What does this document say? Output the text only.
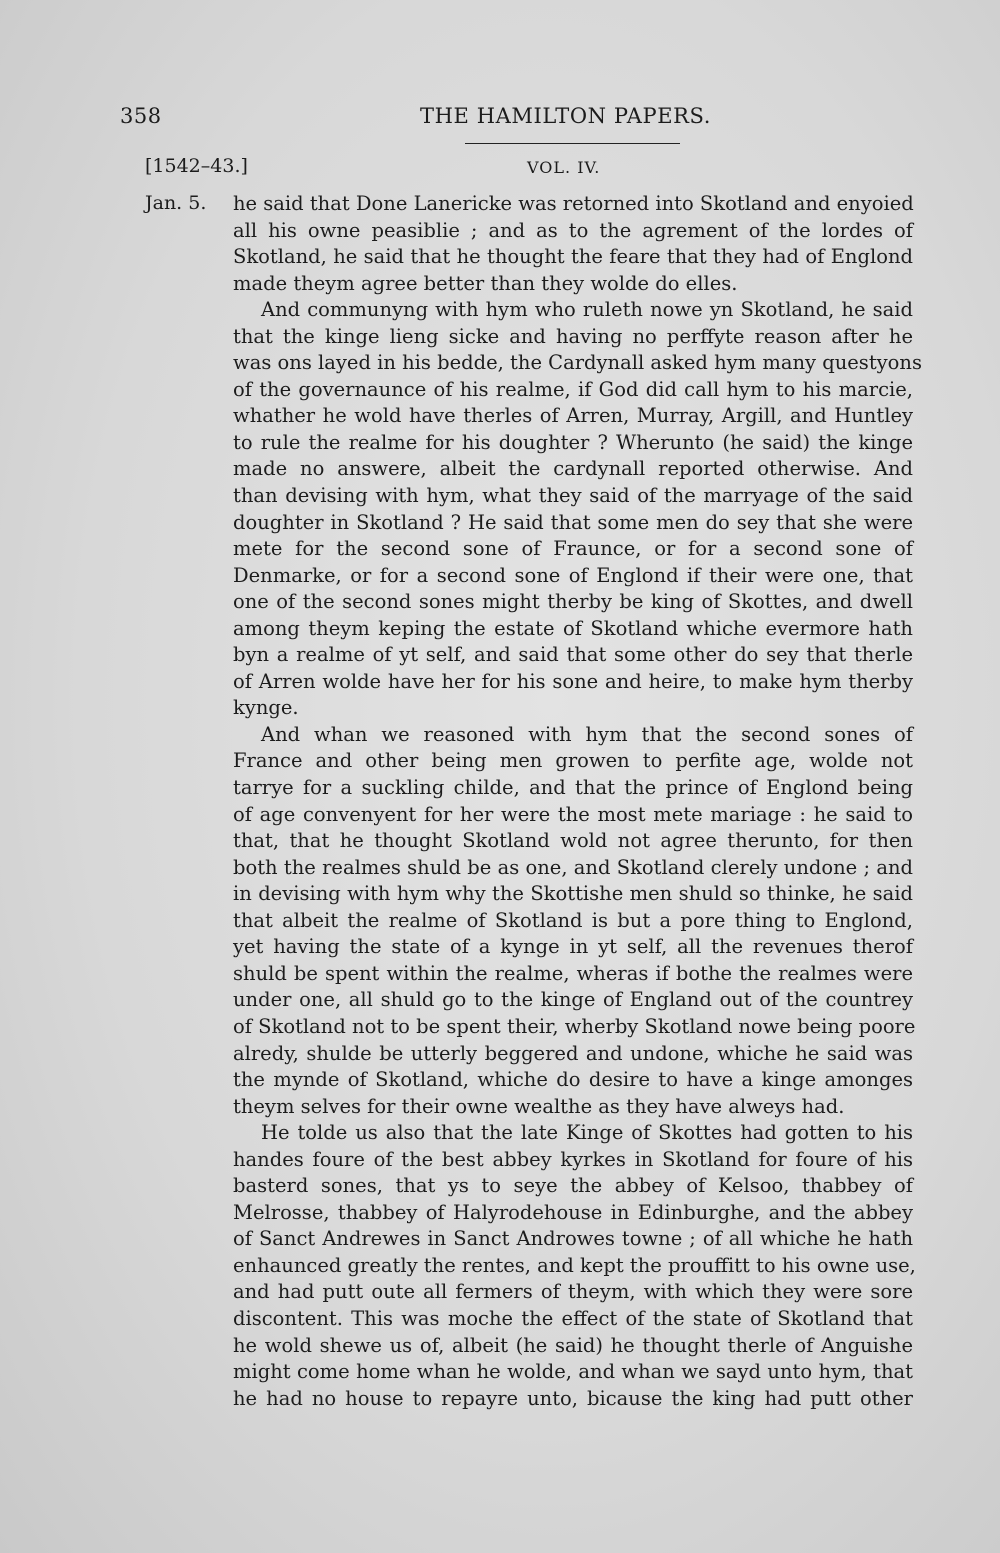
358	THE HAMILTON PAPERS.
[1542–43.]	VOL. IV.
Jan. 5. he said that Done Lanericke was retorned into Skotland and enyoied
all his owne peasiblie ; and as to the agrement of the lordes of
Skotland, he said that he thought the feare that they had of Englond
made theym agree better than they wolde do elles.
And communyng with hym who ruleth nowe yn Skotland, he said
that the kinge lieng sicke and having no perffyte reason after he
was ons layed in his bedde, the Cardynall asked hym many questyons
of the governaunce of his realme, if God did call hym to his marcie,
whather he wold have therles of Arren, Murray, Argill, and Huntley
to rule the realme for his doughter ? Wherunto (he said) the kinge
made no answere, albeit the cardynall reported otherwise. And
than devising with hym, what they said of the marryage of the said
doughter in Skotland ? He said that some men do sey that she were
mete for the second sone of Fraunce, or for a second sone of
Denmarke, or for a second sone of Englond if their were one, that
one of the second sones might therby be king of Skottes, and dwell
among theym keping the estate of Skotland whiche evermore hath
byn a realme of yt self, and said that some other do sey that therle
of Arren wolde have her for his sone and heire, to make hym therby
kynge.
And whan we reasoned with hym that the second sones of
France and other being men growen to perfite age, wolde not
tarrye for a suckling childe, and that the prince of Englond being
of age convenyent for her were the most mete mariage : he said to
that, that he thought Skotland wold not agree therunto, for then
both the realmes shuld be as one, and Skotland clerely undone ; and
in devising with hym why the Skottishe men shuld so thinke, he said
that albeit the realme of Skotland is but a pore thing to Englond,
yet having the state of a kynge in yt self, all the revenues therof
shuld be spent within the realme, wheras if bothe the realmes were
under one, all shuld go to the kinge of England out of the countrey
of Skotland not to be spent their, wherby Skotland nowe being poore
alredy, shulde be utterly beggered and undone, whiche he said was
the mynde of Skotland, whiche do desire to have a kinge amonges
theym selves for their owne wealthe as they have alweys had.
He tolde us also that the late Kinge of Skottes had gotten to his
handes foure of the best abbey kyrkes in Skotland for foure of his
basterd sones, that ys to seye the abbey of Kelsoo, thabbey of
Melrosse, thabbey of Halyrodehouse in Edinburghe, and the abbey
of Sanct Andrewes in Sanct Androwes towne ; of all whiche he hath
enhaunced greatly the rentes, and kept the prouffitt to his owne use,
and had putt oute all fermers of theym, with which they were sore
discontent. This was moche the effect of the state of Skotland that
he wold shewe us of, albeit (he said) he thought therle of Anguishe
might come home whan he wolde, and whan we sayd unto hym, that
he had no house to repayre unto, bicause the king had putt other
